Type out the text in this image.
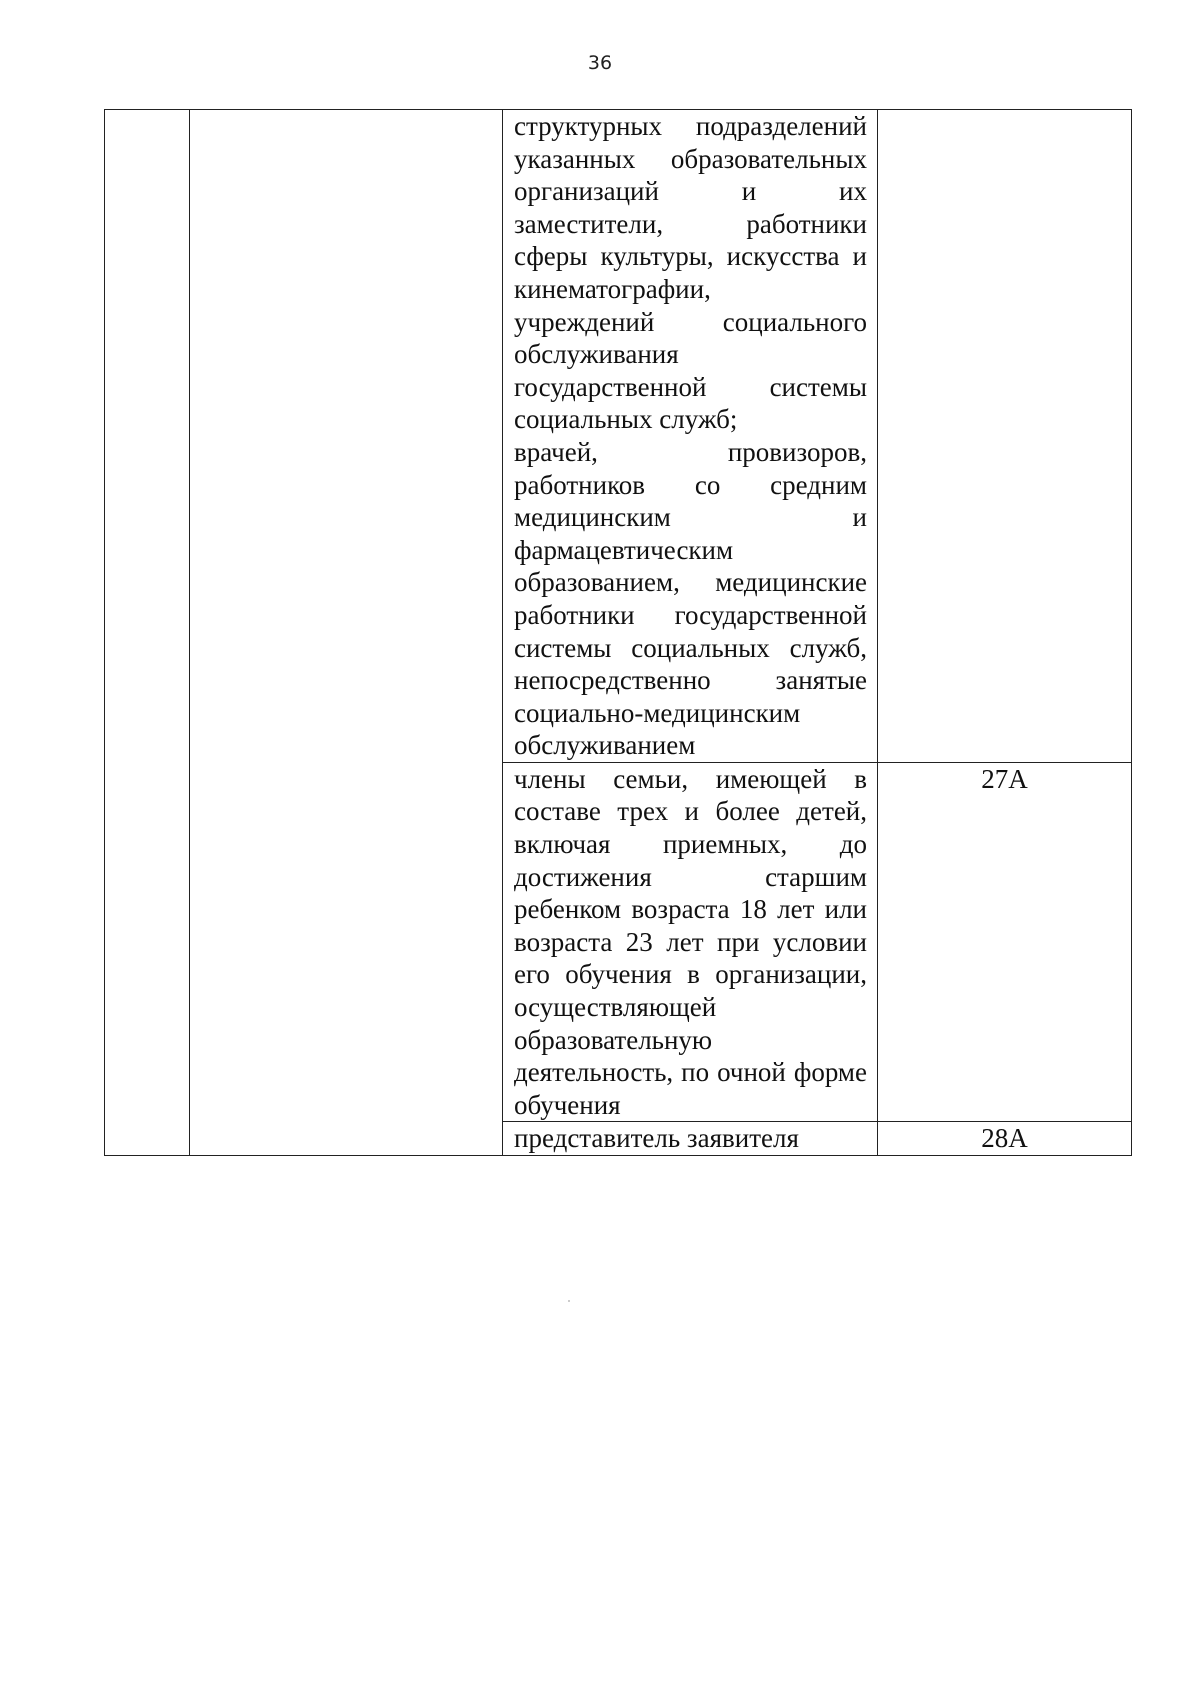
36

		структурных подразделений указанных образовательных организаций и их заместители, работники сферы культуры, искусства и кинематографии,
учреждений социального обслуживания государственной системы социальных служб;
врачей, провизоров, работников со средним медицинским и фармацевтическим образованием, медицинские работники государственной системы социальных служб, непосредственно занятые социально-медицинским обслуживанием	

		члены семьи, имеющей в составе трех и более детей, включая приемных, до достижения старшим ребенком возраста 18 лет или возраста 23 лет при условии его обучения в организации, осуществляющей образовательную деятельность, по очной форме обучения	27А

		представитель заявителя	28А
